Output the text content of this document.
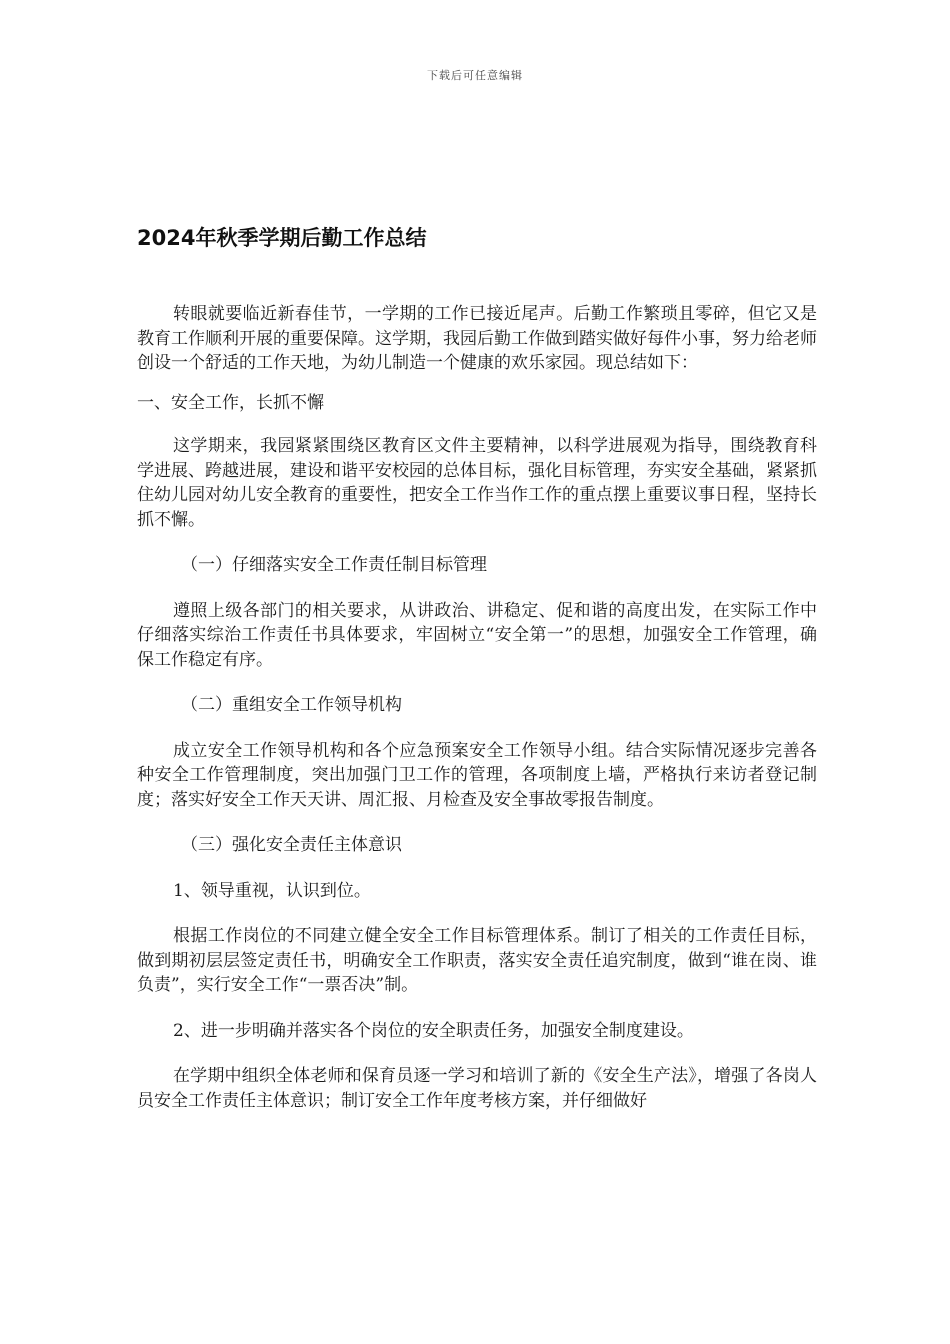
下载后可任意编辑
2024年秋季学期后勤工作总结

转眼就要临近新春佳节，一学期的工作已接近尾声。后勤工作繁琐且零碎，但它又是教育工作顺利开展的重要保障。这学期，我园后勤工作做到踏实做好每件小事，努力给老师创设一个舒适的工作天地，为幼儿制造一个健康的欢乐家园。现总结如下：

一、安全工作，长抓不懈

这学期来，我园紧紧围绕区教育区文件主要精神，以科学进展观为指导，围绕教育科学进展、跨越进展，建设和谐平安校园的总体目标，强化目标管理，夯实安全基础，紧紧抓住幼儿园对幼儿安全教育的重要性，把安全工作当作工作的重点摆上重要议事日程，坚持长抓不懈。

（一）仔细落实安全工作责任制目标管理

遵照上级各部门的相关要求，从讲政治、讲稳定、促和谐的高度出发，在实际工作中仔细落实综治工作责任书具体要求，牢固树立“安全第一”的思想，加强安全工作管理，确保工作稳定有序。

（二）重组安全工作领导机构

成立安全工作领导机构和各个应急预案安全工作领导小组。结合实际情况逐步完善各种安全工作管理制度，突出加强门卫工作的管理，各项制度上墙，严格执行来访者登记制度；落实好安全工作天天讲、周汇报、月检查及安全事故零报告制度。

（三）强化安全责任主体意识

1、领导重视，认识到位。

根据工作岗位的不同建立健全安全工作目标管理体系。制订了相关的工作责任目标，做到期初层层签定责任书，明确安全工作职责，落实安全责任追究制度，做到“谁在岗、谁负责”，实行安全工作“一票否决”制。

2、进一步明确并落实各个岗位的安全职责任务，加强安全制度建设。

在学期中组织全体老师和保育员逐一学习和培训了新的《安全生产法》，增强了各岗人员安全工作责任主体意识；制订安全工作年度考核方案，并仔细做好
